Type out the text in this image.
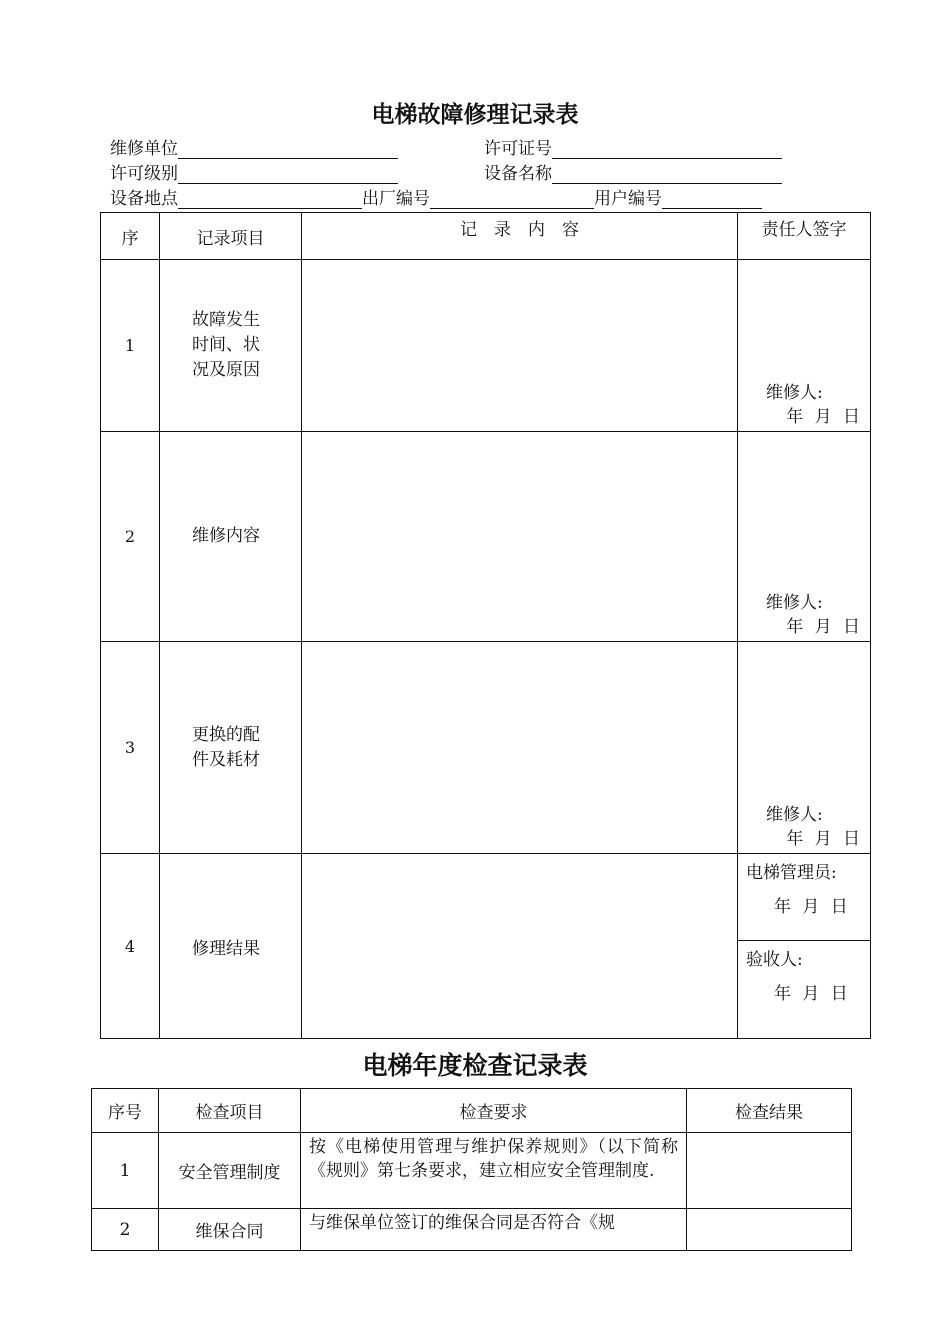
电梯故障修理记录表
维修单位	许可证号
许可级别	设备名称
设备地点	出厂编号	用户编号
序	记录项目	记　录　内　容	责任人签字
1	故障发生时间、状况及原因		维修人:
年 月 日

2	维修内容		维修人:
年 月 日

3	更换的配件及耗材		维修人:
年 月 日

4	修理结果		电梯管理员:
年 月 日

			验收人:
年 月 日
电梯年度检查记录表
序号	检查项目	检查要求	检查结果
1	安全管理制度	按《电梯使用管理与维护保养规则》（以下简称《规则》第七条要求，建立相应安全管理制度.	
2	维保合同	与维保单位签订的维保合同是否符合《规	
